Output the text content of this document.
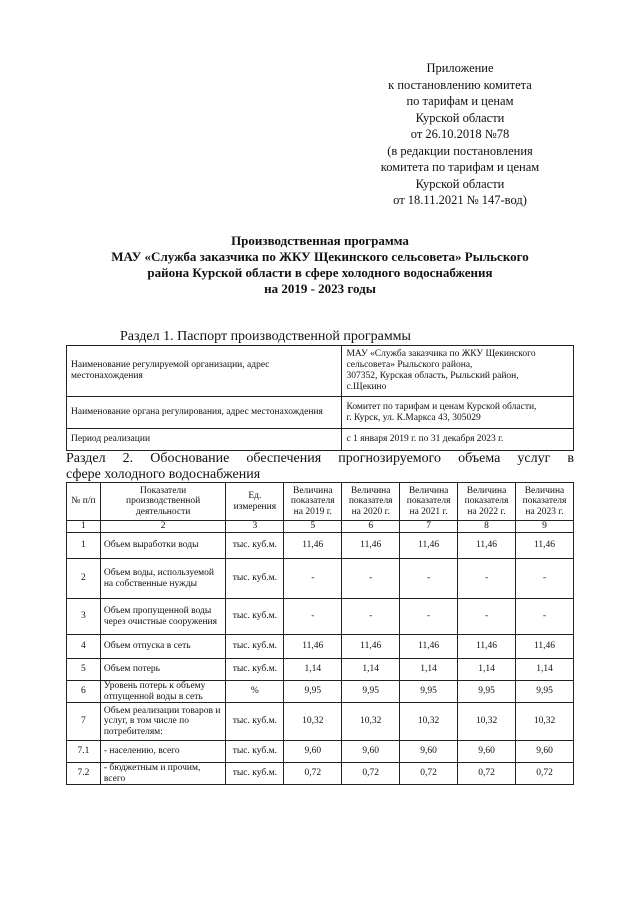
Приложение
к постановлению комитета
по тарифам и ценам
Курской области
от 26.10.2018 №78
(в редакции постановления
комитета по тарифам и ценам
Курской области
от 18.11.2021 № 147-вод)
Производственная программа
МАУ «Служба заказчика по ЖКУ Щекинского сельсовета» Рыльского
района Курской области в сфере холодного водоснабжения
на 2019 - 2023 годы
Раздел 1. Паспорт производственной программы
Наименование регулируемой организации, адрес местонахождения	МАУ «Служба заказчика по ЖКУ Щекинского
сельсовета» Рыльского района,
307352, Курская область, Рыльский район,
с.Щекино

Наименование органа регулирования, адрес местонахождения	Комитет по тарифам и ценам Курской области,
г. Курск, ул. К.Маркса 43, 305029

Период реализации	с 1 января 2019 г. по 31 декабря 2023 г.
Раздел 2. Обоснование обеспечения прогнозируемого объема услуг в
сфере холодного водоснабжения
№ п/п	Показатели производственной деятельности	Ед. измерения	Величина показателя на 2019 г.	Величина показателя на 2020 г.	Величина показателя на 2021 г.	Величина показателя на 2022 г.	Величина показателя на 2023 г.
1	2	3	5	6	7	8	9
1	Объем выработки воды	тыс. куб.м.	11,46	11,46	11,46	11,46	11,46
2	Объем воды, используемой на собственные нужды	тыс. куб.м.	-	-	-	-	-
3	Объем пропущенной воды через очистные сооружения	тыс. куб.м.	-	-	-	-	-
4	Объем отпуска в сеть	тыс. куб.м.	11,46	11,46	11,46	11,46	11,46
5	Объем потерь	тыс. куб.м.	1,14	1,14	1,14	1,14	1,14
6	Уровень потерь к объему отпущенной воды в сеть	%	9,95	9,95	9,95	9,95	9,95
7	Объем реализации товаров и услуг, в том числе по потребителям:	тыс. куб.м.	10,32	10,32	10,32	10,32	10,32
7.1	- населению, всего	тыс. куб.м.	9,60	9,60	9,60	9,60	9,60
7.2	- бюджетным и прочим, всего	тыс. куб.м.	0,72	0,72	0,72	0,72	0,72
